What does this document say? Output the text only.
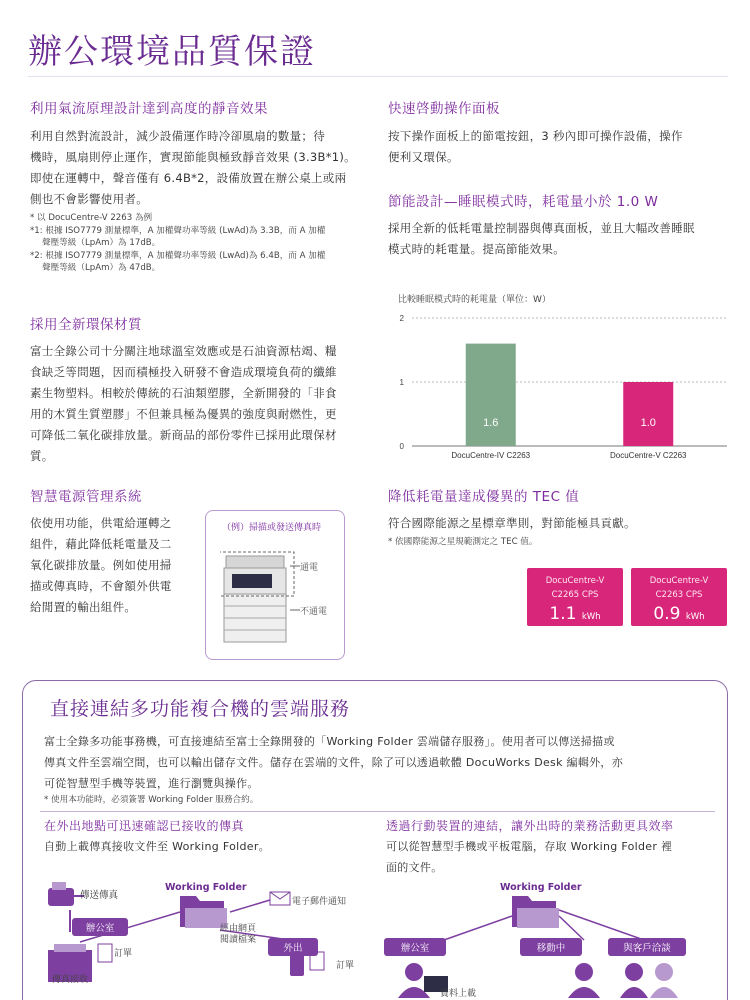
辦公環境品質保證
利用氣流原理設計達到高度的靜音效果
利用自然對流設計，減少設備運作時冷卻風扇的數量；待
機時，風扇則停止運作，實現節能與極致靜音效果 (3.3B*1)。
即使在運轉中，聲音僅有 6.4B*2，設備放置在辦公桌上或兩
側也不會影響使用者。
* 以 DocuCentre-V 2263 為例
*1: 根據 ISO7779 測量標準，A 加權聲功率等級 (LwAd)為 3.3B，而 A 加權
聲壓等級（LpAm）為 17dB。
*2: 根據 ISO7779 測量標準，A 加權聲功率等級 (LwAd)為 6.4B，而 A 加權
聲壓等級（LpAm）為 47dB。
快速啓動操作面板
按下操作面板上的節電按鈕，3 秒內即可操作設備，操作
便利又環保。
節能設計—睡眠模式時，耗電量小於 1.0 W
採用全新的低耗電量控制器與傳真面板，並且大幅改善睡眠
模式時的耗電量。提高節能效果。
比較睡眠模式時的耗電量（單位：W）
0
1
2
1.6
DocuCentre-IV C2263
1.0
DocuCentre-V C2263
採用全新環保材質
富士全錄公司十分關注地球溫室效應或是石油資源枯竭、糧
食缺乏等問題，因而積極投入研發不會造成環境負荷的纖維
素生物塑料。相較於傳統的石油類塑膠，全新開發的「非食
用的木質生質塑膠」不但兼具極為優異的強度與耐燃性，更
可降低二氧化碳排放量。新商品的部份零件已採用此環保材
質。
智慧電源管理系統
依使用功能，供電給運轉之
組件，藉此降低耗電量及二
氧化碳排放量。例如使用掃
描或傳真時，不會額外供電
給閒置的輸出組件。
（例）掃描或發送傳真時
通電
不通電
降低耗電量達成優異的 TEC 值
符合國際能源之星標章準則，對節能極具貢獻。
* 依國際能源之星規範測定之 TEC 值。
DocuCentre-V
C2265 CPS
1.1 kWh
DocuCentre-V
C2263 CPS
0.9 kWh
直接連結多功能複合機的雲端服務
富士全錄多功能事務機，可直接連結至富士全錄開發的「Working Folder 雲端儲存服務」。使用者可以傳送掃描或
傳真文件至雲端空間，也可以輸出儲存文件。儲存在雲端的文件，除了可以透過軟體 DocuWorks Desk 編輯外，亦
可從智慧型手機等裝置，進行瀏覽與操作。
* 使用本功能時，必須簽署 Working Folder 服務合約。
在外出地點可迅速確認已接收的傳真
自動上載傳真接收文件至 Working Folder。
透過行動裝置的連結，讓外出時的業務活動更具效率
可以從智慧型手機或平板電腦，存取 Working Folder 裡
面的文件。
傳送傳真
Working Folder
電子郵件通知
辦公室	經由網頁
閱讀檔案
外出
訂單
訂單
傳真接收
Working Folder
辦公室	移動中	與客戶洽談
資料上載
